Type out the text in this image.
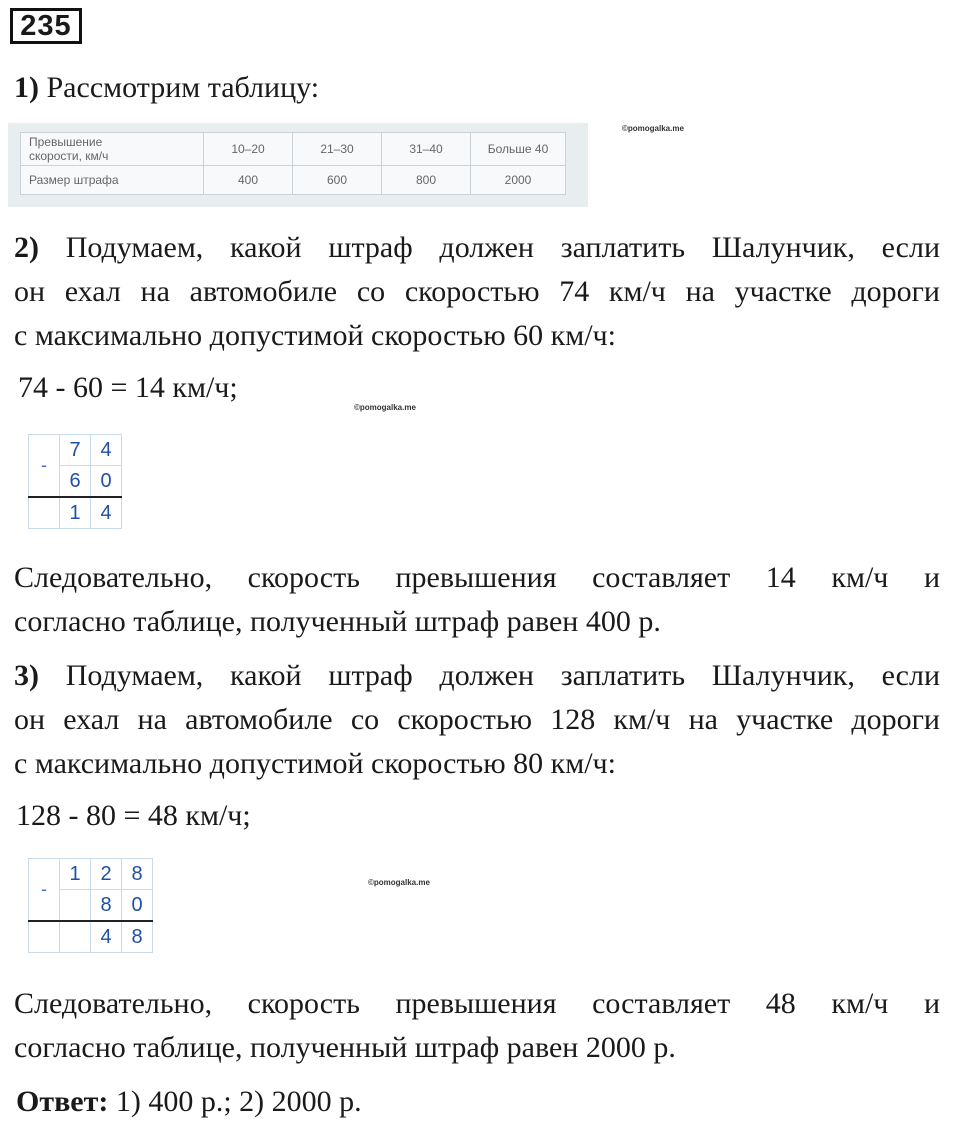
235
1) Рассмотрим таблицу:
Превышение
скорости, км/ч	10–20	21–30	31–40	Больше 40
Размер штрафа	400	600	800	2000
©pomogalka.me
2) Подумаем, какой штраф должен заплатить Шалунчик, если
он ехал на автомобиле со скоростью 74 км/ч на участке дороги
с максимально допустимой скоростью 60 км/ч:
74 - 60 = 14 км/ч;
©pomogalka.me
-	7	4
	6	0
	1	4
Следовательно, скорость превышения составляет 14 км/ч и
согласно таблице, полученный штраф равен 400 р.
3) Подумаем, какой штраф должен заплатить Шалунчик, если
он ехал на автомобиле со скоростью 128 км/ч на участке дороги
с максимально допустимой скоростью 80 км/ч:
128 - 80 = 48 км/ч;
©pomogalka.me
-	1	2	8
		8	0
		4	8
Следовательно, скорость превышения составляет 48 км/ч и
согласно таблице, полученный штраф равен 2000 р.
Ответ: 1) 400 р.; 2) 2000 р.
